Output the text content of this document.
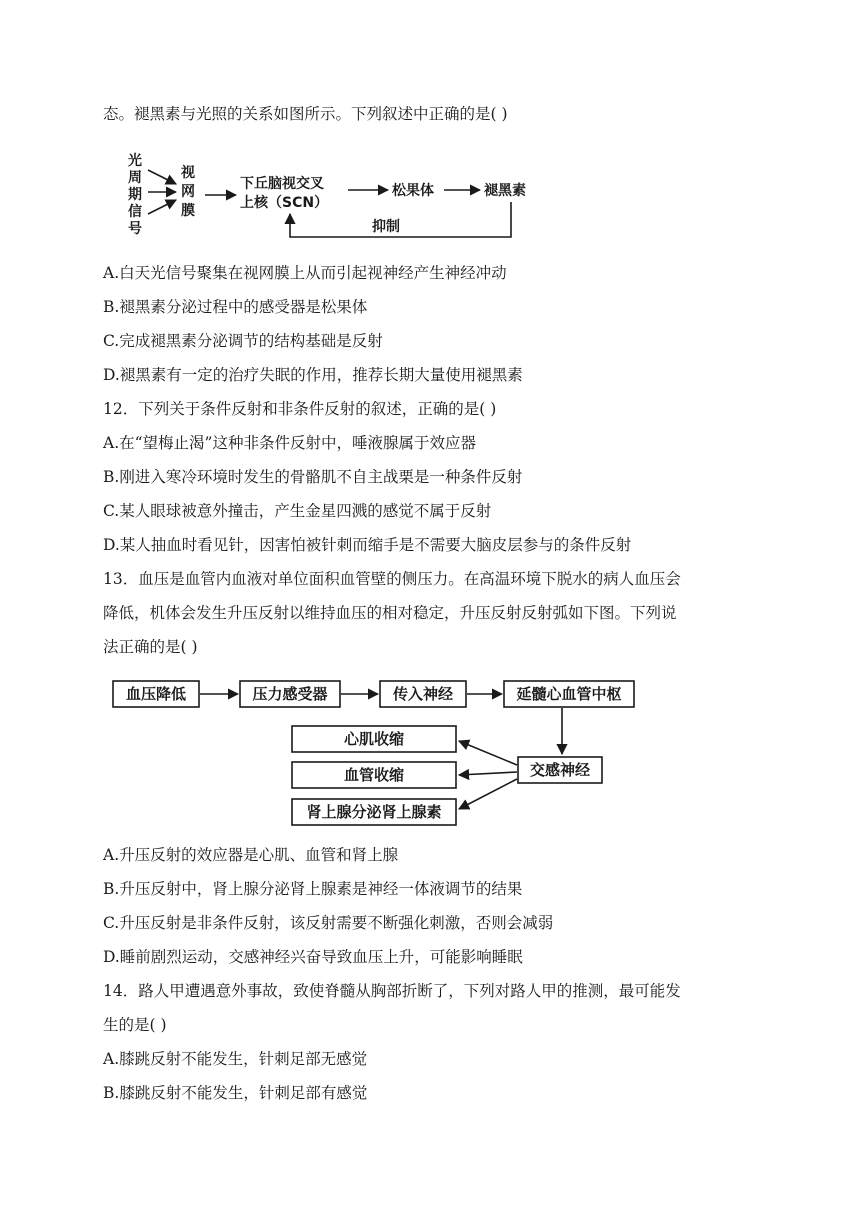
态。褪黑素与光照的关系如图所示。下列叙述中正确的是( )
光
周
期
信
号
视
网
膜
下丘脑视交叉
上核（SCN）
松果体	褪黑素
抑制
A.白天光信号聚集在视网膜上从而引起视神经产生神经冲动
B.褪黑素分泌过程中的感受器是松果体
C.完成褪黑素分泌调节的结构基础是反射
D.褪黑素有一定的治疗失眠的作用，推荐长期大量使用褪黑素
12．下列关于条件反射和非条件反射的叙述，正确的是( )
A.在“望梅止渴”这种非条件反射中，唾液腺属于效应器
B.刚进入寒冷环境时发生的骨骼肌不自主战栗是一种条件反射
C.某人眼球被意外撞击，产生金星四溅的感觉不属于反射
D.某人抽血时看见针，因害怕被针刺而缩手是不需要大脑皮层参与的条件反射
13．血压是血管内血液对单位面积血管壁的侧压力。在高温环境下脱水的病人血压会
降低，机体会发生升压反射以维持血压的相对稳定，升压反射反射弧如下图。下列说
法正确的是( )
血压降低	压力感受器	传入神经	延髓心血管中枢
交感神经
心肌收缩
血管收缩
肾上腺分泌肾上腺素
A.升压反射的效应器是心肌、血管和肾上腺
B.升压反射中，肾上腺分泌肾上腺素是神经一体液调节的结果
C.升压反射是非条件反射，该反射需要不断强化刺激，否则会减弱
D.睡前剧烈运动，交感神经兴奋导致血压上升，可能影响睡眠
14．路人甲遭遇意外事故，致使脊髓从胸部折断了，下列对路人甲的推测，最可能发
生的是( )
A.膝跳反射不能发生，针刺足部无感觉
B.膝跳反射不能发生，针刺足部有感觉
